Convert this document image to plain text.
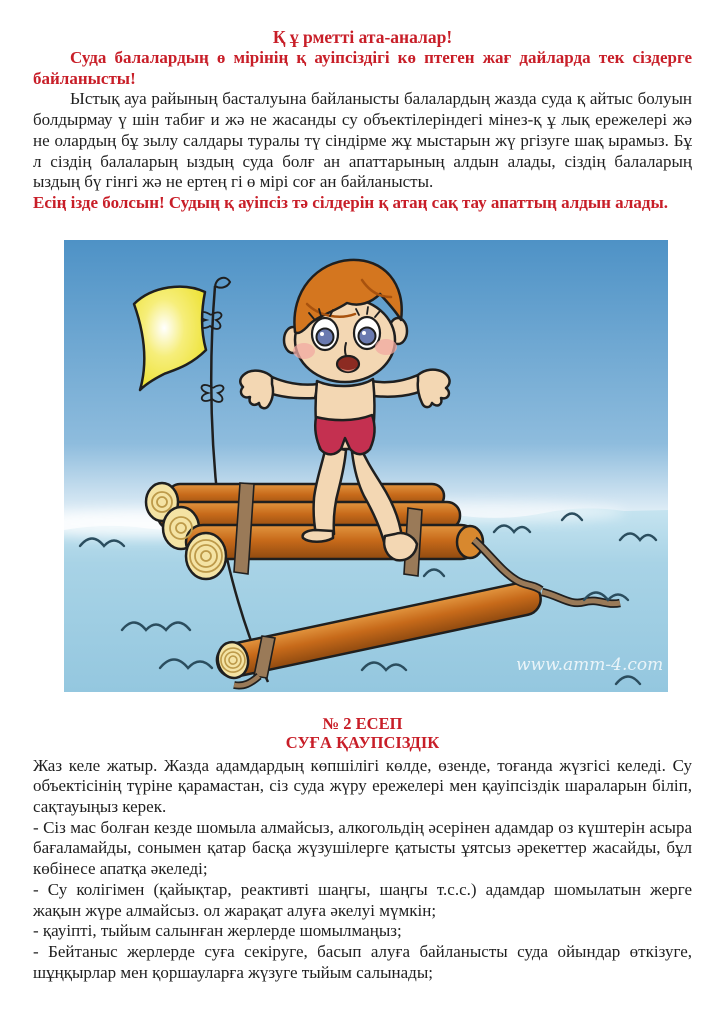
Қ ұ рметті ата-аналар!

Суда балалардың ө мірінің қ ауіпсіздігі кө птеген жағ дайларда тек сіздерге байланысты!

Ыстық ауа райының басталуына байланысты балалардың жазда суда қ айтыс болуын болдырмау ү шін табиғ и жә не жасанды су объектілеріндегі мінез-қ ұ лық ережелері жә не олардың бұ зылу салдары туралы тү сіндірме жұ мыстарын жү ргізуге шақ ырамыз. Бұ л сіздің балаларың ыздың суда болғ ан апаттарының алдын алады, сіздің балаларың ыздың бү гінгі жә не ертең гі ө мірі соғ ан байланысты.

Есің ізде болсын! Судың қ ауіпсіз тә сілдерін қ атаң сақ тау апаттың алдын алады.

www.amm-4.com

№ 2 ЕСЕП

СУҒА ҚАУПСІЗДІК

Жаз келе жатыр. Жазда адамдардың көпшілігі көлде, өзенде, тоғанда жүзгісі келеді. Су объектісінің түріне қарамастан, сіз суда жүру ережелері мен қауіпсіздік шараларын біліп, сақтауыңыз керек.

- Сіз мас болған кезде шомыла алмайсыз, алкогольдің әсерінен адамдар оз күштерін асыра бағаламайды, сонымен қатар басқа жүзушілерге қатысты ұятсыз әрекеттер жасайды, бұл көбінесе апатқа әкеледі;

- Су колігімен (қайықтар, реактивті шаңгы, шаңгы т.с.с.) адамдар шомылатын жерге жақын жүре алмайсыз. ол жарақат алуға әкелуі мүмкін;

- қауіпті, тыйым салынған жерлерде шомылмаңыз;

- Бейтаныс жерлерде суға секіруге, басып алуға байланысты суда ойындар өткізуге, шұңқырлар мен қоршауларға жүзуге тыйым салынады;
